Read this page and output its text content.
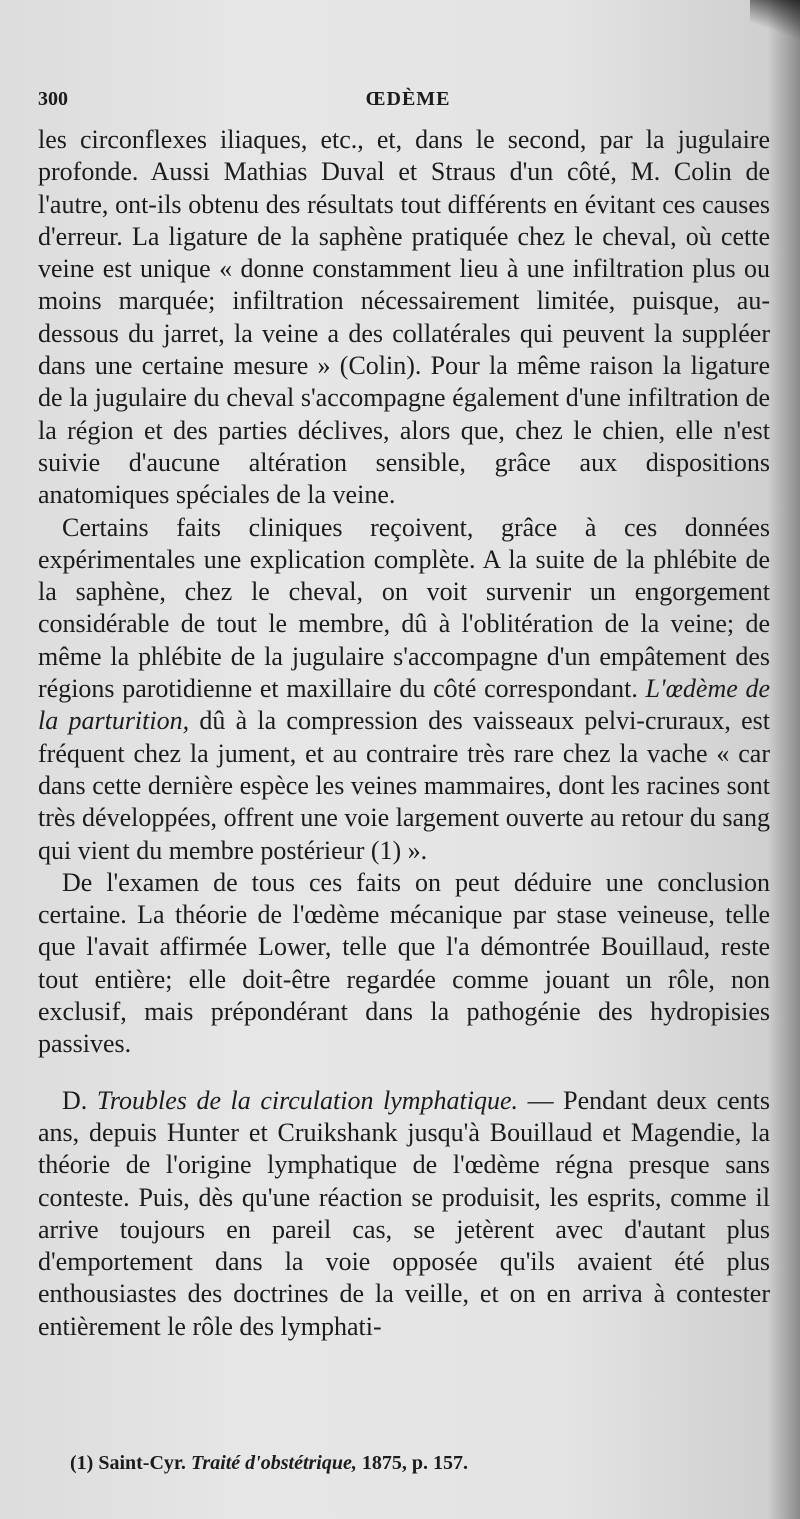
300	ŒDÈME

les circonflexes iliaques, etc., et, dans le second, par la jugulaire profonde. Aussi Mathias Duval et Straus d'un côté, M. Colin de l'autre, ont-ils obtenu des résultats tout différents en évitant ces causes d'erreur. La ligature de la saphène pratiquée chez le cheval, où cette veine est unique « donne constamment lieu à une infiltration plus ou moins marquée; infiltration nécessairement limitée, puisque, au-dessous du jarret, la veine a des collatérales qui peuvent la suppléer dans une certaine mesure » (Colin). Pour la même raison la ligature de la jugulaire du cheval s'accompagne également d'une infiltration de la région et des parties déclives, alors que, chez le chien, elle n'est suivie d'aucune altération sensible, grâce aux dispositions anatomiques spéciales de la veine.

Certains faits cliniques reçoivent, grâce à ces données expérimentales une explication complète. A la suite de la phlébite de la saphène, chez le cheval, on voit survenir un engorgement considérable de tout le membre, dû à l'oblitération de la veine; de même la phlébite de la jugulaire s'accompagne d'un empâtement des régions parotidienne et maxillaire du côté correspondant. L'œdème de la parturition, dû à la compression des vaisseaux pelvi-cruraux, est fréquent chez la jument, et au contraire très rare chez la vache « car dans cette dernière espèce les veines mammaires, dont les racines sont très développées, offrent une voie largement ouverte au retour du sang qui vient du membre postérieur (1) ».

De l'examen de tous ces faits on peut déduire une conclusion certaine. La théorie de l'œdème mécanique par stase veineuse, telle que l'avait affirmée Lower, telle que l'a démontrée Bouillaud, reste tout entière; elle doit-être regardée comme jouant un rôle, non exclusif, mais prépondérant dans la pathogénie des hydropisies passives.

D. Troubles de la circulation lymphatique. — Pendant deux cents ans, depuis Hunter et Cruikshank jusqu'à Bouillaud et Magendie, la théorie de l'origine lymphatique de l'œdème régna presque sans conteste. Puis, dès qu'une réaction se produisit, les esprits, comme il arrive toujours en pareil cas, se jetèrent avec d'autant plus d'emportement dans la voie opposée qu'ils avaient été plus enthousiastes des doctrines de la veille, et on en arriva à contester entièrement le rôle des lymphati-

(1) Saint-Cyr. Traité d'obstétrique, 1875, p. 157.
